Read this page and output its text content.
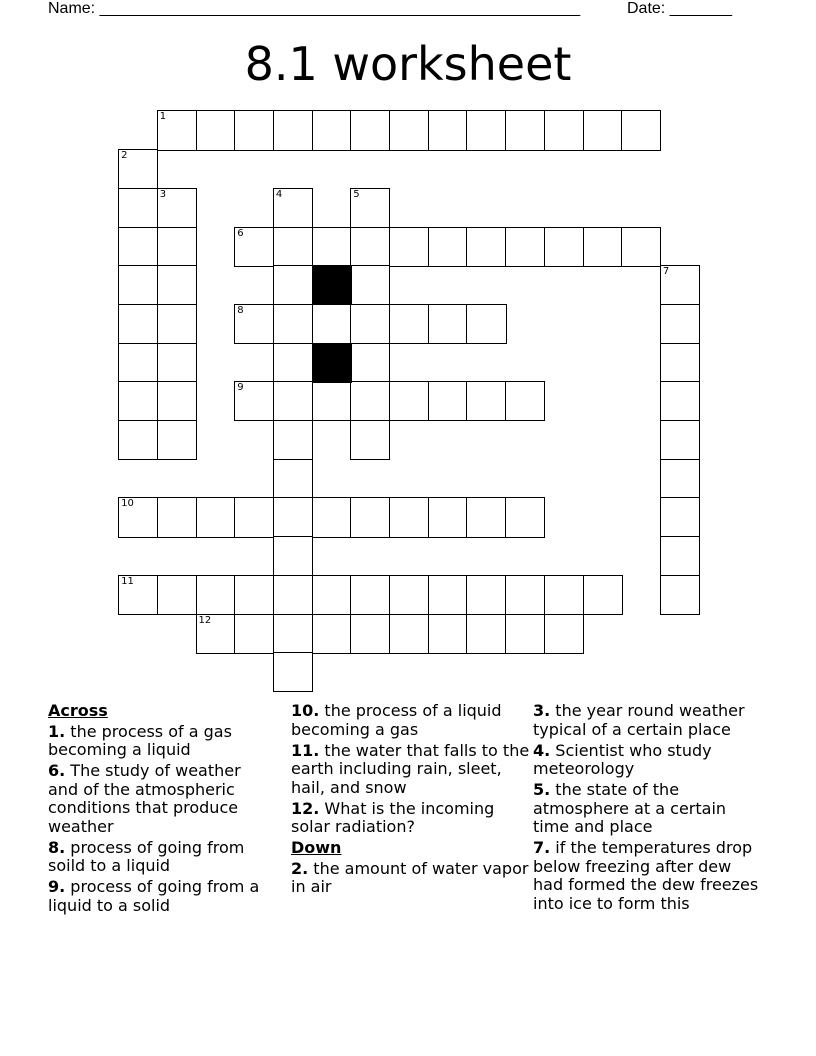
Name: ______________________________________________________	Date: _______
8.1 worksheet
1
2
3	4	5
6
7
8
9
10
11
12
Across
1. the process of a gas becoming a liquid
6. The study of weather and of the atmospheric conditions that produce weather
8. process of going from soild to a liquid
9. process of going from a liquid to a solid
10. the process of a liquid becoming a gas
11. the water that falls to the earth including rain, sleet, hail, and snow
12. What is the incoming solar radiation?
Down
2. the amount of water vapor in air
3. the year round weather typical of a certain place
4. Scientist who study meteorology
5. the state of the atmosphere at a certain time and place
7. if the temperatures drop below freezing after dew had formed the dew freezes into ice to form this
